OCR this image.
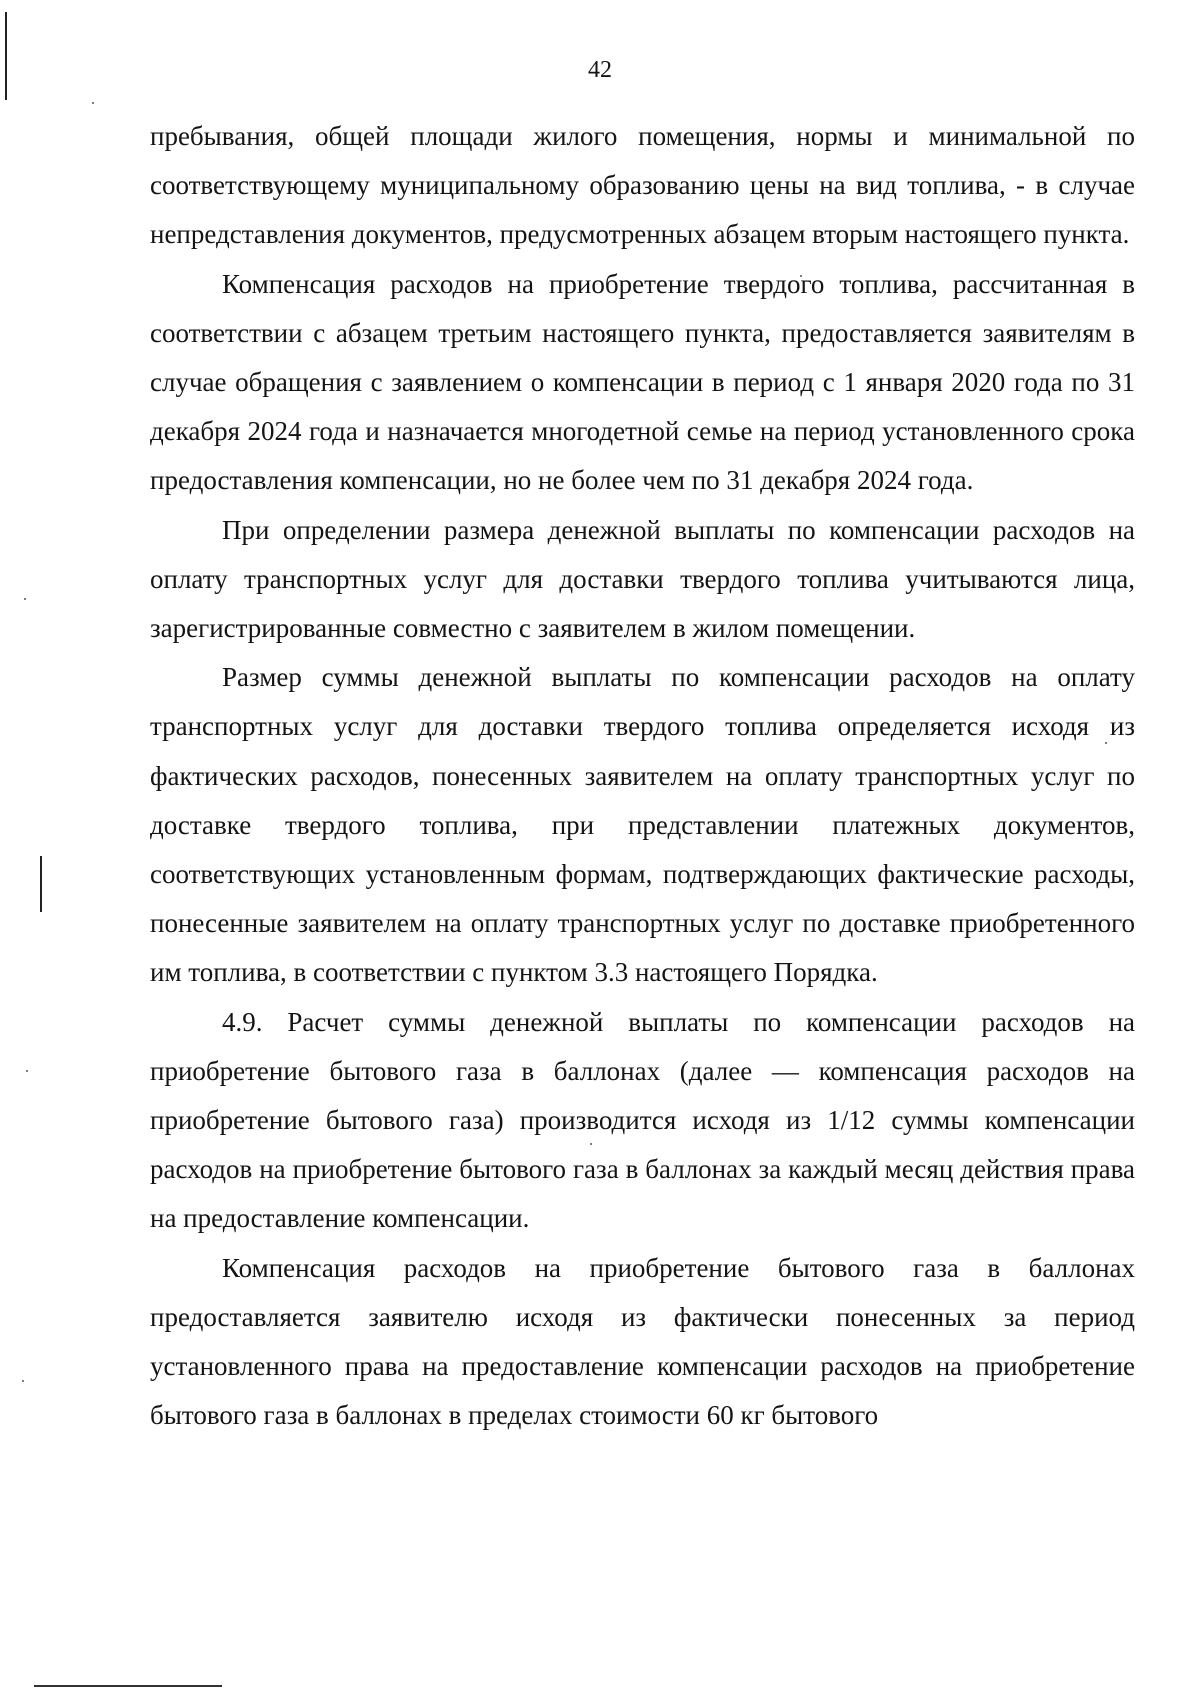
42

пребывания, общей площади жилого помещения, нормы и минимальной по соответствующему муниципальному образованию цены на вид топлива, - в случае непредставления документов, предусмотренных абзацем вторым настоящего пункта.

Компенсация расходов на приобретение твердого топлива, рассчитанная в соответствии с абзацем третьим настоящего пункта, предоставляется заявителям в случае обращения с заявлением о компенсации в период с 1 января 2020 года по 31 декабря 2024 года и назначается многодетной семье на период установленного срока предоставления компенсации, но не более чем по 31 декабря 2024 года.

При определении размера денежной выплаты по компенсации расходов на оплату транспортных услуг для доставки твердого топлива учитываются лица, зарегистрированные совместно с заявителем в жилом помещении.

Размер суммы денежной выплаты по компенсации расходов на оплату транспортных услуг для доставки твердого топлива определяется исходя из фактических расходов, понесенных заявителем на оплату транспортных услуг по доставке твердого топлива, при представлении платежных документов, соответствующих установленным формам, подтверждающих фактические расходы, понесенные заявителем на оплату транспортных услуг по доставке приобретенного им топлива, в соответствии с пунктом 3.3 настоящего Порядка.

4.9. Расчет суммы денежной выплаты по компенсации расходов на приобретение бытового газа в баллонах (далее — компенсация расходов на приобретение бытового газа) производится исходя из 1/12 суммы компенсации расходов на приобретение бытового газа в баллонах за каждый месяц действия права на предоставление компенсации.

Компенсация расходов на приобретение бытового газа в баллонах предоставляется заявителю исходя из фактически понесенных за период установленного права на предоставление компенсации расходов на приобретение бытового газа в баллонах в пределах стоимости 60 кг бытового
